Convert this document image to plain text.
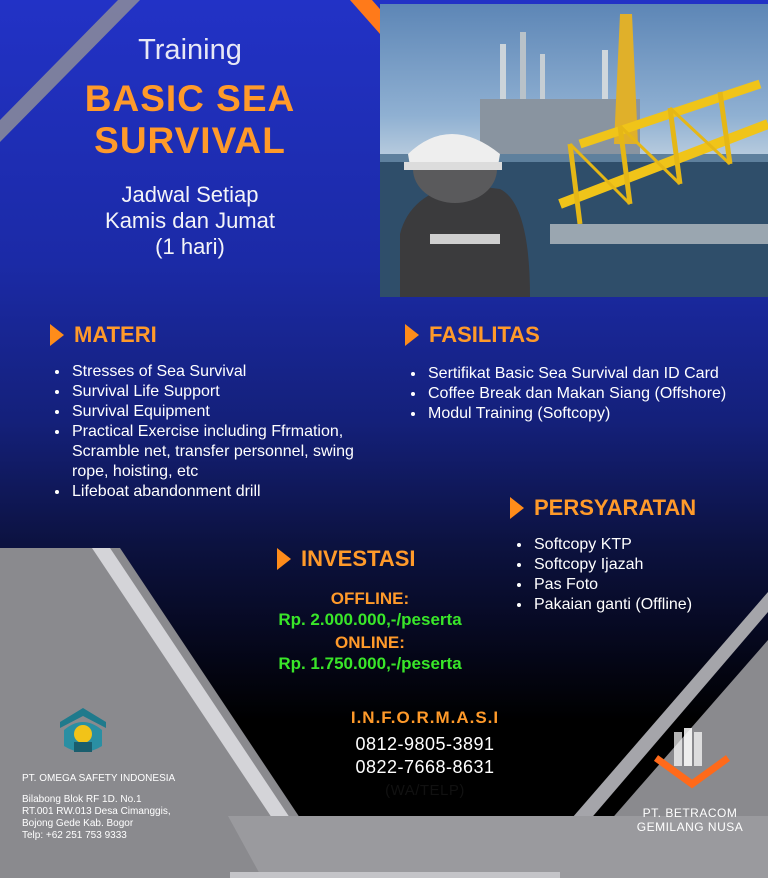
Training
BASIC SEA
SURVIVAL
Jadwal Setiap
Kamis dan Jumat
(1 hari)
MATERI
• Stresses of Sea Survival
• Survival Life Support
• Survival Equipment
• Practical Exercise including Ffrmation, Scramble net, transfer personnel, swing rope, hoisting, etc
• Lifeboat abandonment drill
FASILITAS
• Sertifikat Basic Sea Survival dan ID Card
• Coffee Break dan Makan Siang (Offshore)
• Modul Training (Softcopy)
PERSYARATAN
• Softcopy KTP
• Softcopy Ijazah
• Pas Foto
• Pakaian ganti (Offline)
INVESTASI
OFFLINE:
Rp. 2.000.000,-/peserta
ONLINE:
Rp. 1.750.000,-/peserta
I.N.F.O.R.M.A.S.I
0812-9805-3891
0822-7668-8631
(WA/TELP)
PT. OMEGA SAFETY INDONESIA
Bilabong Blok RF 1D. No.1
RT.001 RW.013 Desa Cimanggis,
Bojong Gede Kab. Bogor
Telp: +62 251 753 9333
PT. BETRACOM
GEMILANG NUSA
